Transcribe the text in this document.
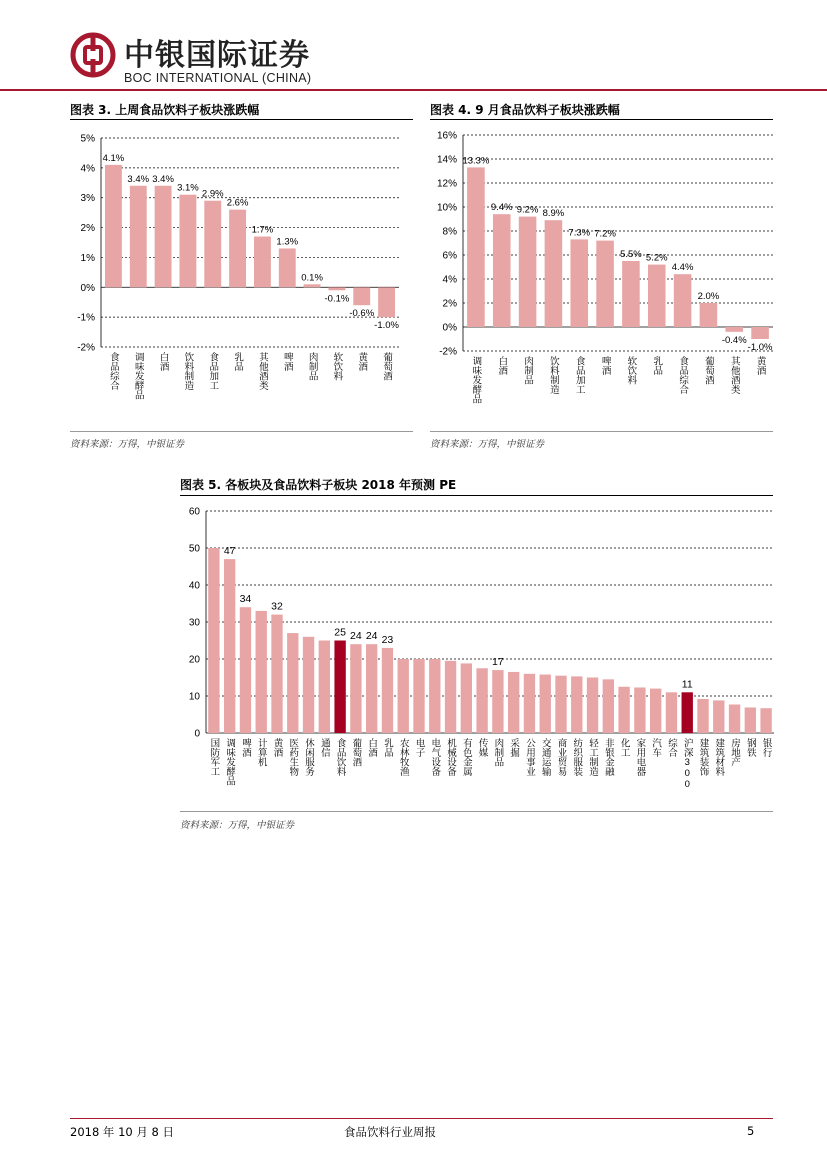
中银国际证券
BOC INTERNATIONAL (CHINA)
图表 3. 上周食品饮料子板块涨跌幅
5%
4%
3%
2%
1%
0%
-1%
-2%
食品综合 调味发酵品 白酒 饮料制造 食品加工 乳品 其他酒类 啤酒 肉制品 软饮料 黄酒 葡萄酒
4.1%
3.4% 3.4%
3.1%
2.9%
2.6%
1.7%
1.3%
0.1%
-0.1%
-0.6%
-1.0%
资料来源：万得，中银证券
图表 4. 9 月食品饮料子板块涨跌幅
16%
14%
12%
10%
8%
6%
4%
2%
0%
-2%
调味发酵品 白酒 肉制品 饮料制造 食品加工 啤酒 软饮料 乳品 食品综合 葡萄酒 其他酒类 黄酒
13.3%
9.4% 9.2% 8.9%
7.3% 7.2%
5.5% 5.2%
4.4%
2.0%
-0.4%
-1.0%
资料来源：万得，中银证券
图表 5. 各板块及食品饮料子板块 2018 年预测 PE
60
50
40
30
20
10
0
国防军工 调味发酵品 啤酒 计算机 黄酒 医药生物 休闲服务 通信 食品饮料 葡萄酒 白酒 乳品 农林牧渔 电子 电气设备 机械设备 有色金属 传媒 肉制品 采掘 公用事业 交通运输 商业贸易 纺织服装 轻工制造 非银金融 化工 家用电器 汽车 综合 沪深300 建筑装饰 建筑材料 房地产 钢铁 银行
47
34
32
25 24 24 23
17
11
资料来源：万得，中银证券
2018 年 10 月 8 日	食品饮料行业周报	5
